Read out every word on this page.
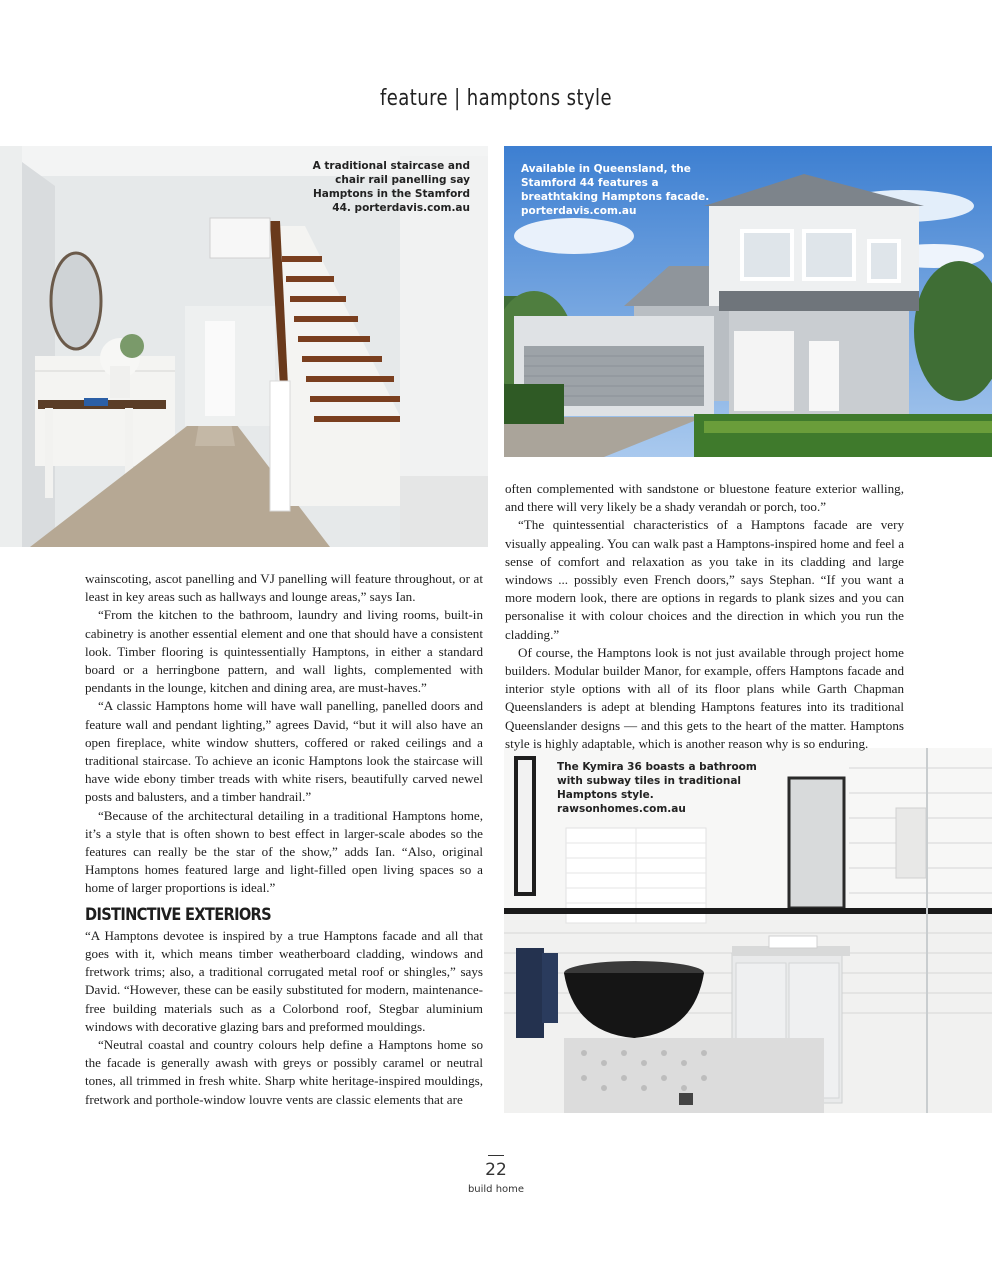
feature | hamptons style
A traditional staircase and chair rail panelling say Hamptons in the Stamford 44. porterdavis.com.au
Available in Queensland, the Stamford 44 features a breathtaking Hamptons facade. porterdavis.com.au
The Kymira 36 boasts a bathroom with subway tiles in traditional Hamptons style. rawsonhomes.com.au

wainscoting, ascot panelling and VJ panelling will feature throughout, or at least in key areas such as hallways and lounge areas,” says Ian.

“From the kitchen to the bathroom, laundry and living rooms, built-in cabinetry is another essential element and one that should have a consistent look. Timber flooring is quintessentially Hamptons, in either a standard board or a herringbone pattern, and wall lights, complemented with pendants in the lounge, kitchen and dining area, are must-haves.”

“A classic Hamptons home will have wall panelling, panelled doors and feature wall and pendant lighting,” agrees David, “but it will also have an open fireplace, white window shutters, coffered or raked ceilings and a traditional staircase. To achieve an iconic Hamptons look the staircase will have wide ebony timber treads with white risers, beautifully carved newel posts and balusters, and a timber handrail.”

“Because of the architectural detailing in a traditional Hamptons home, it’s a style that is often shown to best effect in larger-scale abodes so the features can really be the star of the show,” adds Ian. “Also, original Hamptons homes featured large and light-filled open living spaces so a home of larger proportions is ideal.”

DISTINCTIVE EXTERIORS

“A Hamptons devotee is inspired by a true Hamptons facade and all that goes with it, which means timber weatherboard cladding, windows and fretwork trims; also, a traditional corrugated metal roof or shingles,” says David. “However, these can be easily substituted for modern, maintenance-free building materials such as a Colorbond roof, Stegbar aluminium windows with decorative glazing bars and preformed mouldings.

“Neutral coastal and country colours help define a Hamptons home so the facade is generally awash with greys or possibly caramel or neutral tones, all trimmed in fresh white. Sharp white heritage-inspired mouldings, fretwork and porthole-window louvre vents are classic elements that are

often complemented with sandstone or bluestone feature exterior walling, and there will very likely be a shady verandah or porch, too.”

“The quintessential characteristics of a Hamptons facade are very visually appealing. You can walk past a Hamptons-inspired home and feel a sense of comfort and relaxation as you take in its cladding and large windows ... possibly even French doors,” says Stephan. “If you want a more modern look, there are options in regards to plank sizes and you can personalise it with colour choices and the direction in which you run the cladding.”

Of course, the Hamptons look is not just available through project home builders. Modular builder Manor, for example, offers Hamptons facade and interior style options with all of its floor plans while Garth Chapman Queenslanders is adept at blending Hamptons features into its traditional Queenslander designs — and this gets to the heart of the matter. Hamptons style is highly adaptable, which is another reason why is so enduring.

22
build home
